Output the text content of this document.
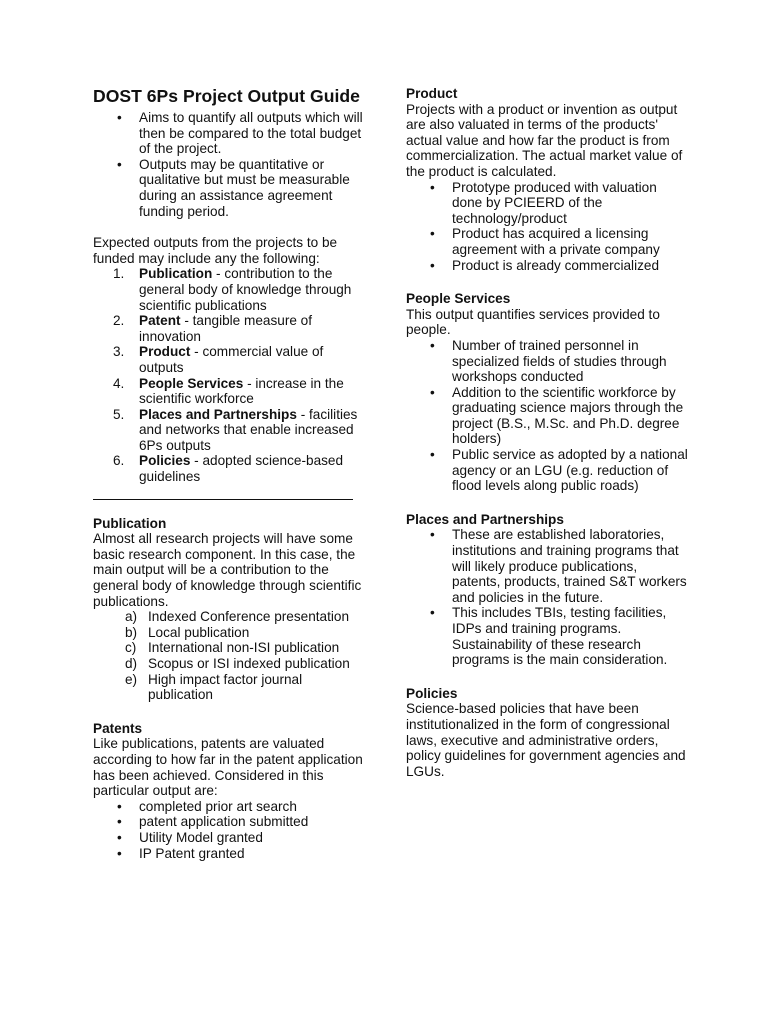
DOST 6Ps Project Output Guide
• Aims to quantify all outputs which will then be compared to the total budget of the project.
• Outputs may be quantitative or qualitative but must be measurable during an assistance agreement funding period.

Expected outputs from the projects to be funded may include any the following:

1. Publication - contribution to the general body of knowledge through scientific publications
2. Patent - tangible measure of innovation
3. Product - commercial value of outputs
4. People Services - increase in the scientific workforce
5. Places and Partnerships - facilities and networks that enable increased 6Ps outputs
6. Policies - adopted science-based guidelines
Publication

Almost all research projects will have some basic research component. In this case, the main output will be a contribution to the general body of knowledge through scientific publications.

a) Indexed Conference presentation
b) Local publication
c) International non-ISI publication
d) Scopus or ISI indexed publication
e) High impact factor journal publication
Patents

Like publications, patents are valuated according to how far in the patent application has been achieved. Considered in this particular output are:

• completed prior art search
• patent application submitted
• Utility Model granted
• IP Patent granted
Product

Projects with a product or invention as output are also valuated in terms of the products' actual value and how far the product is from commercialization. The actual market value of the product is calculated.

• Prototype produced with valuation done by PCIEERD of the technology/product
• Product has acquired a licensing agreement with a private company
• Product is already commercialized
People Services

This output quantifies services provided to people.

• Number of trained personnel in specialized fields of studies through workshops conducted
• Addition to the scientific workforce by graduating science majors through the project (B.S., M.Sc. and Ph.D. degree holders)
• Public service as adopted by a national agency or an LGU (e.g. reduction of flood levels along public roads)
Places and Partnerships
• These are established laboratories, institutions and training programs that will likely produce publications, patents, products, trained S&T workers and policies in the future.
• This includes TBIs, testing facilities, IDPs and training programs. Sustainability of these research programs is the main consideration.
Policies

Science-based policies that have been institutionalized in the form of congressional laws, executive and administrative orders, policy guidelines for government agencies and LGUs.
